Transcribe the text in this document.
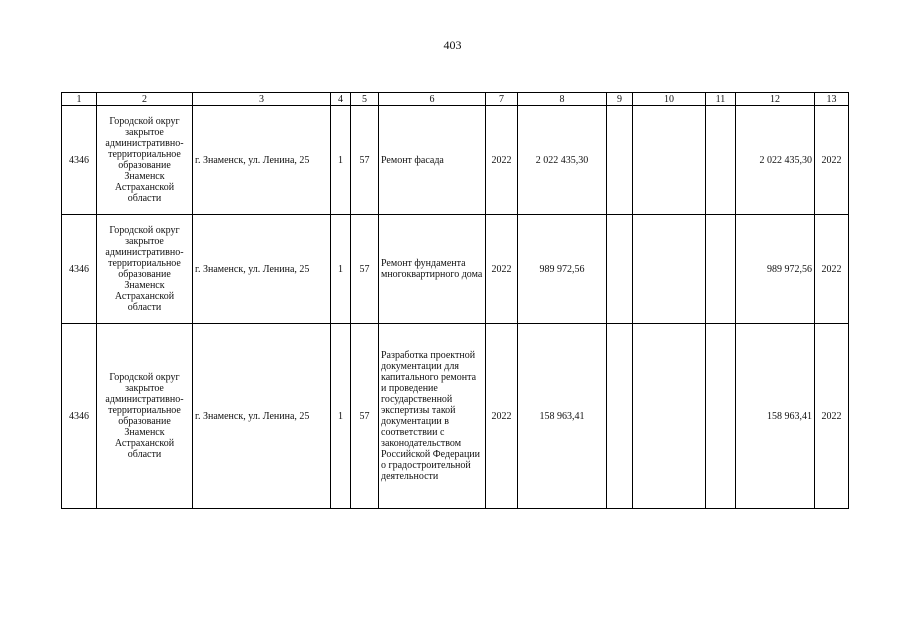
403
1	2	3	4	5	6	7	8	9	10	11	12	13
4346	Городской округ закрытое административно-территориальное образование Знаменск Астраханской области	г. Знаменск, ул. Ленина, 25	1	57	Ремонт фасада	2022	2 022 435,30				2 022 435,30	2022
4346	Городской округ закрытое административно-территориальное образование Знаменск Астраханской области	г. Знаменск, ул. Ленина, 25	1	57	Ремонт фундамента многоквартирного дома	2022	989 972,56				989 972,56	2022
4346	Городской округ закрытое административно-территориальное образование Знаменск Астраханской области	г. Знаменск, ул. Ленина, 25	1	57	Разработка проектной документации для капитального ремонта и проведение государственной экспертизы такой документации в соответствии с законодательством Российской Федерации о градостроительной деятельности	2022	158 963,41				158 963,41	2022
